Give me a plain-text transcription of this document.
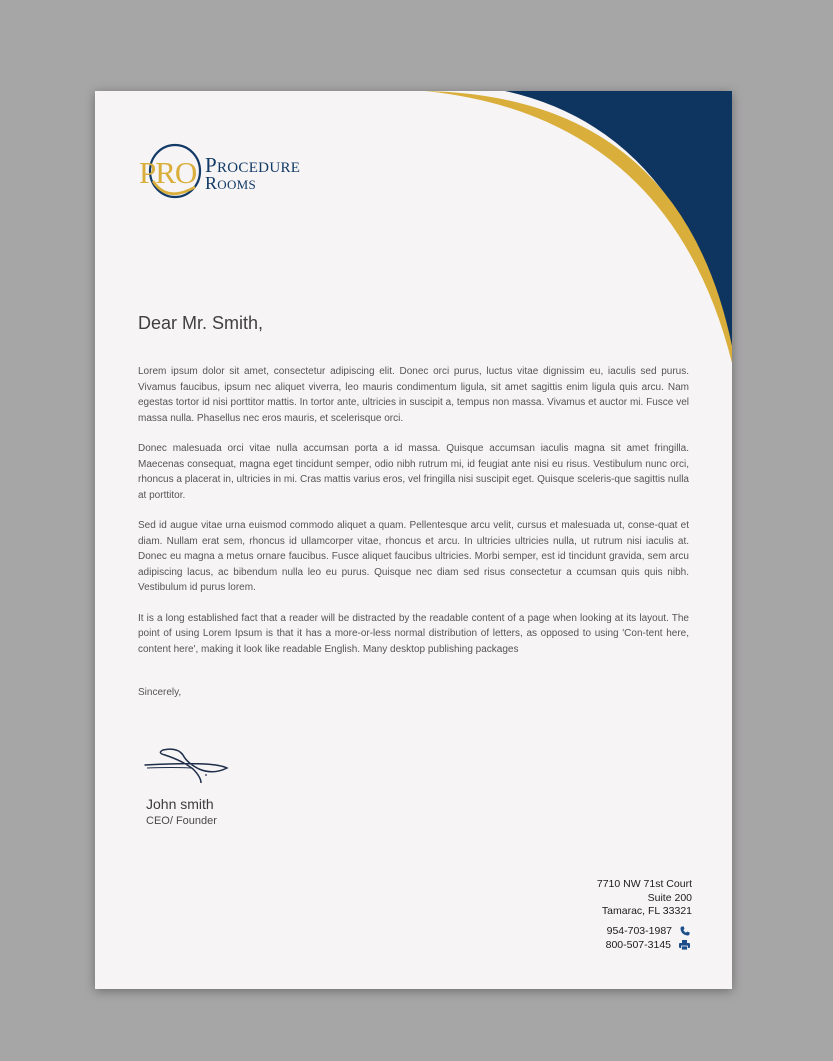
PRO Procedure
Rooms

Dear Mr. Smith,

Lorem ipsum dolor sit amet, consectetur adipiscing elit. Donec orci purus, luctus vitae dignissim eu, iaculis sed purus. Vivamus faucibus, ipsum nec aliquet viverra, leo mauris condimentum ligula, sit amet sagittis enim ligula quis arcu. Nam egestas tortor id nisi porttitor mattis. In tortor ante, ultricies in suscipit a, tempus non massa. Vivamus et auctor mi. Fusce vel massa nulla. Phasellus nec eros mauris, et scelerisque orci.

Donec malesuada orci vitae nulla accumsan porta a id massa. Quisque accumsan iaculis magna sit amet fringilla. Maecenas consequat, magna eget tincidunt semper, odio nibh rutrum mi, id feugiat ante nisi eu risus. Vestibulum nunc orci, rhoncus a placerat in, ultricies in mi. Cras mattis varius eros, vel fringilla nisi suscipit eget. Quisque sceleris-que sagittis nulla at porttitor.

Sed id augue vitae urna euismod commodo aliquet a quam. Pellentesque arcu velit, cursus et malesuada ut, conse-quat et diam. Nullam erat sem, rhoncus id ullamcorper vitae, rhoncus et arcu. In ultricies ultricies nulla, ut rutrum nisi iaculis at. Donec eu magna a metus ornare faucibus. Fusce aliquet faucibus ultricies. Morbi semper, est id tincidunt gravida, sem arcu adipiscing lacus, ac bibendum nulla leo eu purus. Quisque nec diam sed risus consectetur a ccumsan quis quis nibh. Vestibulum id purus lorem.

It is a long established fact that a reader will be distracted by the readable content of a page when looking at its layout. The point of using Lorem Ipsum is that it has a more-or-less normal distribution of letters, as opposed to using 'Con-tent here, content here', making it look like readable English. Many desktop publishing packages

Sincerely,
John smith
CEO/ Founder
7710 NW 71st Court
Suite 200
Tamarac, FL 33321
954-703-1987
800-507-3145
